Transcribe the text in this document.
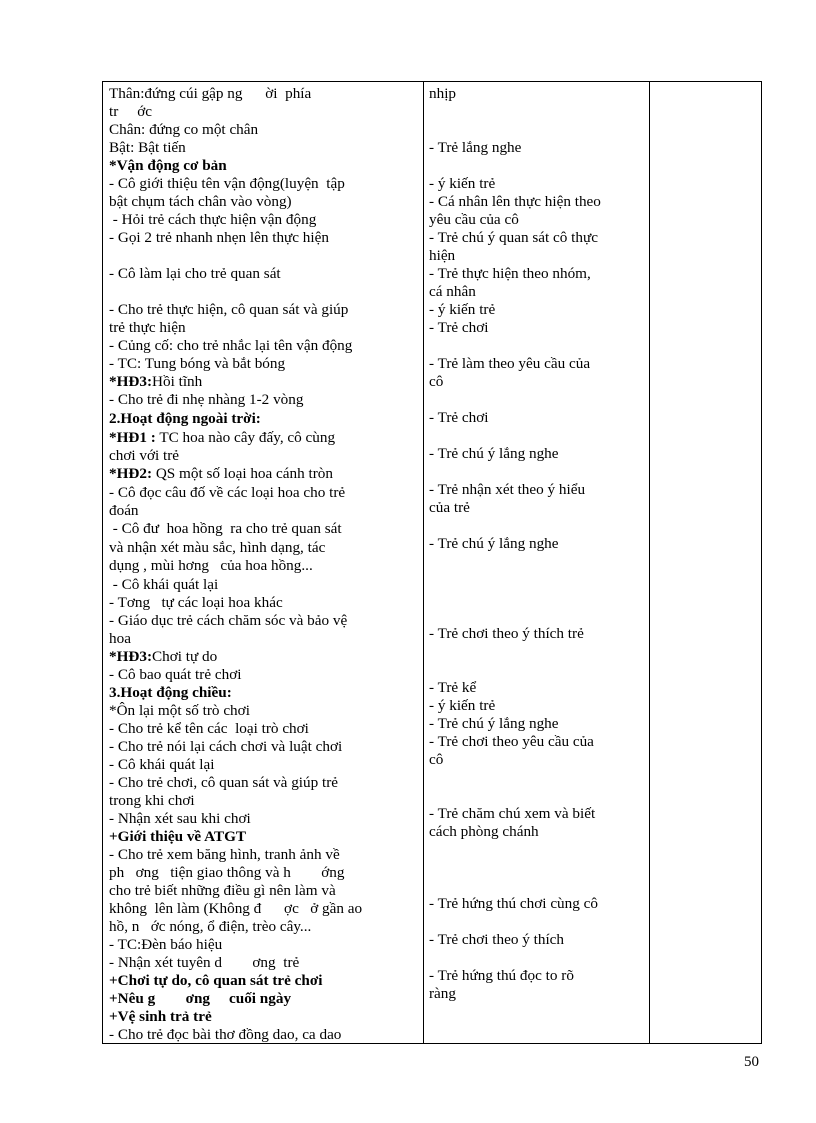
Thân:đứng cúi gập ng      ời  phía
tr     ớc
Chân: đứng co một chân
Bật: Bật tiến
*Vận động cơ bản
- Cô giới thiệu tên vận động(luyện  tập
bật chụm tách chân vào vòng)
- Hỏi trẻ cách thực hiện vận động
- Gọi 2 trẻ nhanh nhẹn lên thực hiện
- Cô làm lại cho trẻ quan sát
- Cho trẻ thực hiện, cô quan sát và giúp
trẻ thực hiện
- Củng cố: cho trẻ nhắc lại tên vận động
- TC: Tung bóng và bắt bóng
*HĐ3:Hồi tĩnh
- Cho trẻ đi nhẹ nhàng 1-2 vòng
2.Hoạt động ngoài trời:
*HĐ1 : TC hoa nào cây đấy, cô cùng
chơi với trẻ
*HĐ2: QS một số loại hoa cánh tròn
- Cô đọc câu đố về các loại hoa cho trẻ
đoán
- Cô đư  hoa hồng  ra cho trẻ quan sát
và nhận xét màu sắc, hình dạng, tác
dụng , mùi hơng   của hoa hồng...
- Cô khái quát lại
- Tơng   tự các loại hoa khác
- Giáo dục trẻ cách chăm sóc và bảo vệ
hoa
*HĐ3:Chơi tự do
- Cô bao quát trẻ chơi
3.Hoạt động chiều:
*Ôn lại một số trò chơi
- Cho trẻ kể tên các  loại trò chơi
- Cho trẻ nói lại cách chơi và luật chơi
- Cô khái quát lại
- Cho trẻ chơi, cô quan sát và giúp trẻ
trong khi chơi
- Nhận xét sau khi chơi
+Giới thiệu về ATGT
- Cho trẻ xem băng hình, tranh ảnh về
ph   ơng   tiện giao thông và h        ớng
cho trẻ biết những điều gì nên làm và
không  lên làm (Không đ      ợc   ở gần ao
hồ, n   ớc nóng, ổ điện, trèo cây...
- TC:Đèn báo hiệu
- Nhận xét tuyên d        ơng  trẻ
+Chơi tự do, cô quan sát trẻ chơi
+Nêu g        ơng     cuối ngày
+Vệ sinh trả trẻ
- Cho trẻ đọc bài thơ đồng dao, ca dao
nhịp
- Trẻ lắng nghe
- ý kiến trẻ
- Cá nhân lên thực hiện theo
yêu cầu của cô
- Trẻ chú ý quan sát cô thực
hiện
- Trẻ thực hiện theo nhóm,
cá nhân
- ý kiến trẻ
- Trẻ chơi
- Trẻ làm theo yêu cầu của
cô
- Trẻ chơi
- Trẻ chú ý lắng nghe
- Trẻ nhận xét theo ý hiểu
của trẻ
- Trẻ chú ý lắng nghe
- Trẻ chơi theo ý thích trẻ
- Trẻ kể
- ý kiến trẻ
- Trẻ chú ý lắng nghe
- Trẻ chơi theo yêu cầu của
cô
- Trẻ chăm chú xem và biết
cách phòng chánh
- Trẻ hứng thú chơi cùng cô
- Trẻ chơi theo ý thích
- Trẻ hứng thú đọc to rõ
ràng
50
